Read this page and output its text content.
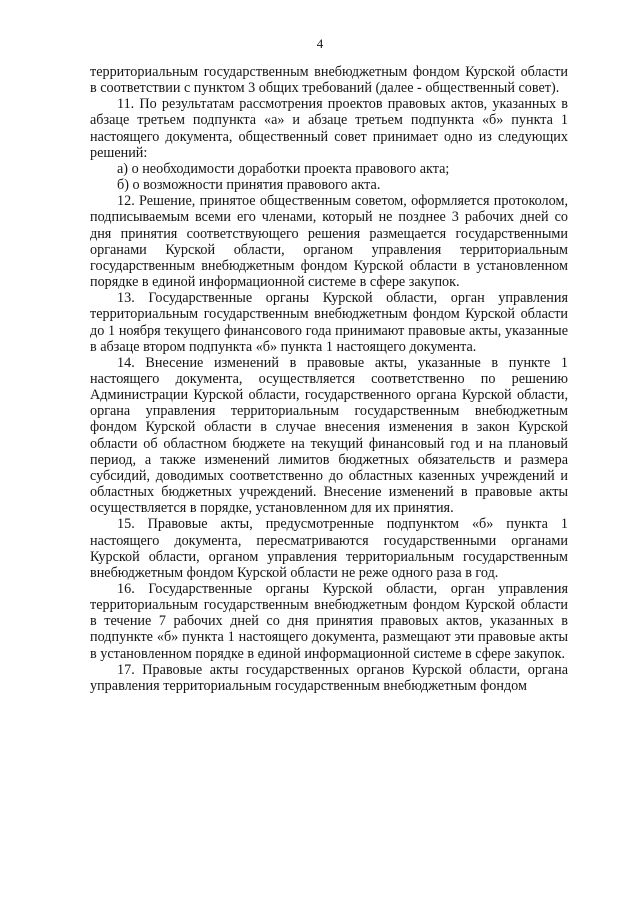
4

территориальным государственным внебюджетным фондом Курской области в соответствии с пунктом 3 общих требований (далее - общественный совет).

11. По результатам рассмотрения проектов правовых актов, указанных в абзаце третьем подпункта «а» и абзаце третьем подпункта «б» пункта 1 настоящего документа, общественный совет принимает одно из следующих решений:

а) о необходимости доработки проекта правового акта;

б) о возможности принятия правового акта.

12. Решение, принятое общественным советом, оформляется протоколом, подписываемым всеми его членами, который не позднее 3 рабочих дней со дня принятия соответствующего решения размещается государственными органами Курской области, органом управления территориальным государственным внебюджетным фондом Курской области в установленном порядке в единой информационной системе в сфере закупок.

13. Государственные органы Курской области, орган управления территориальным государственным внебюджетным фондом Курской области до 1 ноября текущего финансового года принимают правовые акты, указанные в абзаце втором подпункта «б» пункта 1 настоящего документа.

14. Внесение изменений в правовые акты, указанные в пункте 1 настоящего документа, осуществляется соответственно по решению Администрации Курской области, государственного органа Курской области, органа управления территориальным государственным внебюджетным фондом Курской области в случае внесения изменения в закон Курской области об областном бюджете на текущий финансовый год и на плановый период, а также изменений лимитов бюджетных обязательств и размера субсидий, доводимых соответственно до областных казенных учреждений и областных бюджетных учреждений. Внесение изменений в правовые акты осуществляется в порядке, установленном для их принятия.

15. Правовые акты, предусмотренные подпунктом «б» пункта 1 настоящего документа, пересматриваются государственными органами Курской области, органом управления территориальным государственным внебюджетным фондом Курской области не реже одного раза в год.

16. Государственные органы Курской области, орган управления территориальным государственным внебюджетным фондом Курской области в течение 7 рабочих дней со дня принятия правовых актов, указанных в подпункте «б» пункта 1 настоящего документа, размещают эти правовые акты в установленном порядке в единой информационной системе в сфере закупок.

17. Правовые акты государственных органов Курской области, органа управления территориальным государственным внебюджетным фондом
